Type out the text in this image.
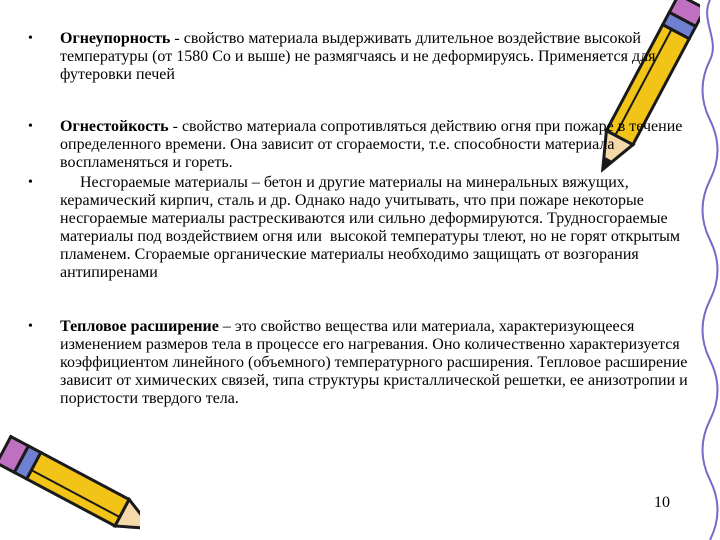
• Огнеупорность - свойство материала выдерживать длительное воздействие высокой температуры (от 1580 Со и выше) не размягчаясь и не деформируясь. Применяется для футеровки печей
• Огнестойкость - свойство материала сопротивляться действию огня при пожаре в течение определенного времени. Она зависит от сгораемости, т.е. способности материала воспламеняться и гореть.
• Несгораемые материалы – бетон и другие материалы на минеральных вяжущих, керамический кирпич, сталь и др. Однако надо учитывать, что при пожаре некоторые несгораемые материалы растрескиваются или сильно деформируются. Трудносгораемые материалы под воздействием огня или  высокой температуры тлеют, но не горят открытым пламенем. Сгораемые органические материалы необходимо защищать от возгорания антипиренами
• Тепловое расширение – это свойство вещества или материала, характеризующееся изменением размеров тела в процессе его нагревания. Оно количественно характеризуется коэффициентом линейного (объемного) температурного расширения. Тепловое расширение зависит от химических связей, типа структуры кристаллической решетки, ее анизотропии и пористости твердого тела.
10
